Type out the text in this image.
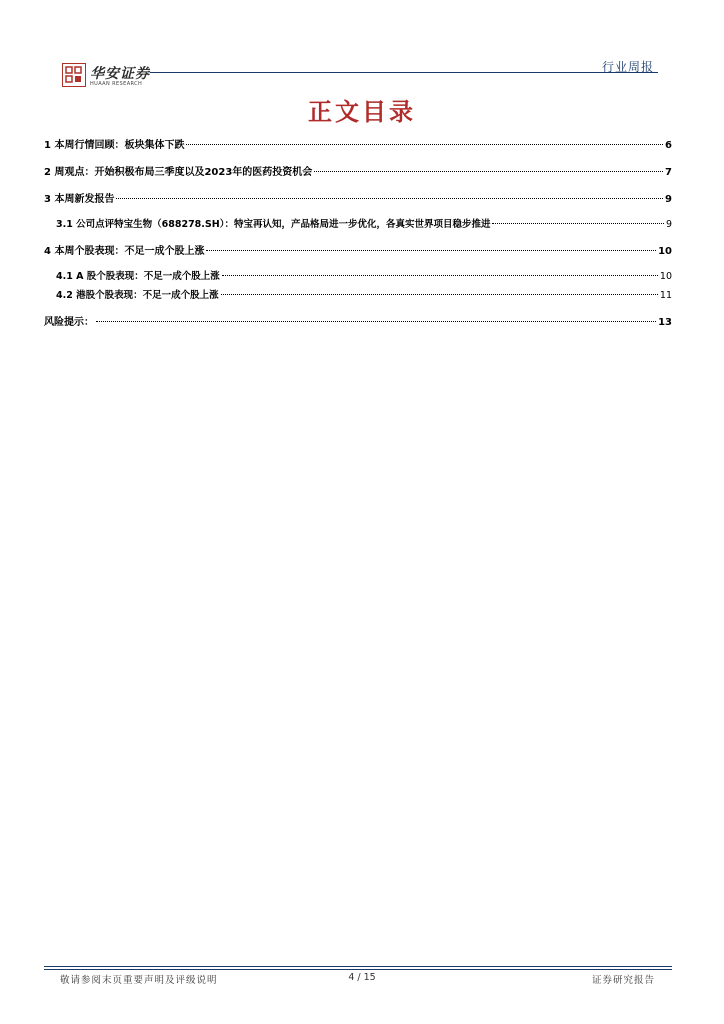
华安证券
HUAAN RESEARCH
行业周报
正文目录
1 本周行情回顾：板块集体下跌	6
2 周观点：开始积极布局三季度以及2023年的医药投资机会	7
3 本周新发报告	9
3.1 公司点评特宝生物（688278.SH）：特宝再认知，产品格局进一步优化，各真实世界项目稳步推进	9
4 本周个股表现：不足一成个股上涨	10
4.1 A 股个股表现：不足一成个股上涨	10
4.2 港股个股表现：不足一成个股上涨	11
风险提示：	13
敬请参阅末页重要声明及评级说明	4 / 15	证券研究报告
